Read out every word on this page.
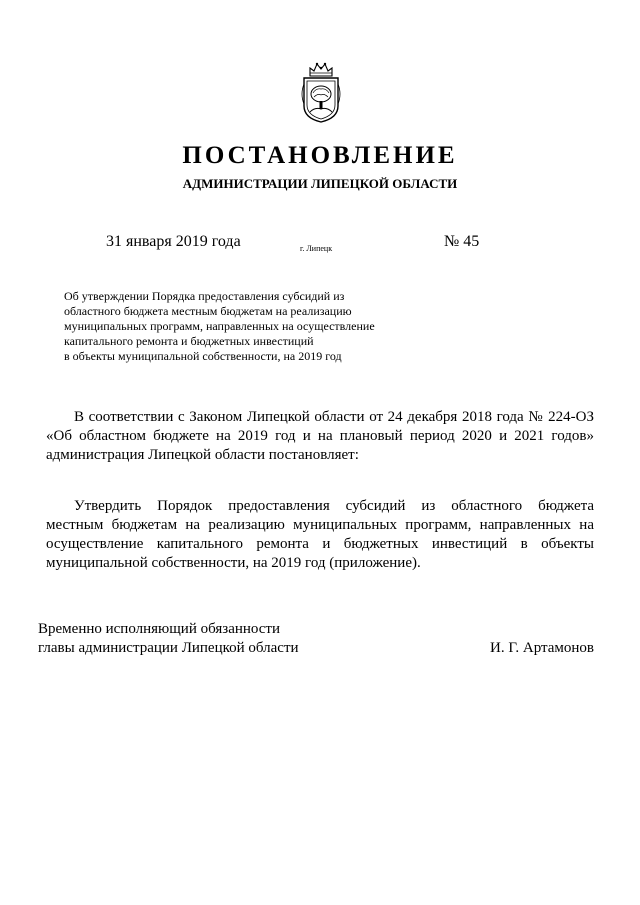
ПОСТАНОВЛЕНИЕ
АДМИНИСТРАЦИИ ЛИПЕЦКОЙ ОБЛАСТИ
31 января 2019 года	г. Липецк	№ 45
Об утверждении Порядка предоставления субсидий из
областного бюджета местным бюджетам на реализацию
муниципальных программ, направленных на осуществление
капитального ремонта и бюджетных инвестиций
в объекты муниципальной собственности, на 2019 год
В соответствии с Законом Липецкой области от 24 декабря 2018 года № 224-ОЗ
«Об областном бюджете на 2019 год и на плановый период 2020 и 2021 годов»
администрация Липецкой области постановляет:
Утвердить Порядок предоставления субсидий из областного бюджета
местным бюджетам на реализацию муниципальных программ, направленных на
осуществление капитального ремонта и бюджетных инвестиций в объекты
муниципальной собственности, на 2019 год (приложение).
Временно исполняющий обязанности
главы администрации Липецкой области	И. Г. Артамонов
